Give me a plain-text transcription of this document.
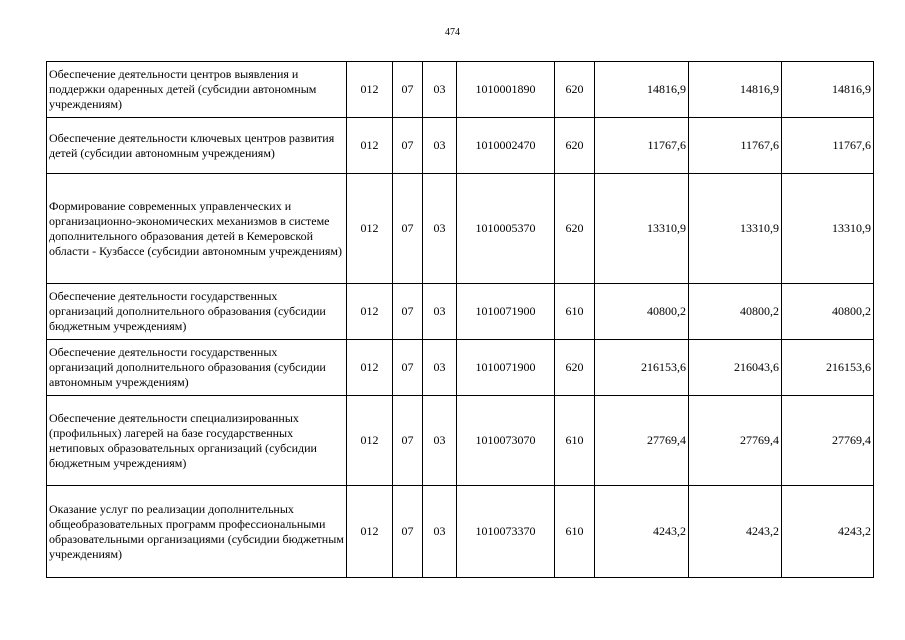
474
Обеспечение деятельности центров выявления и поддержки одаренных детей (субсидии автономным учреждениям)	012	07	03	1010001890	620	14816,9	14816,9	14816,9
Обеспечение деятельности ключевых центров развития детей (субсидии автономным учреждениям)	012	07	03	1010002470	620	11767,6	11767,6	11767,6
Формирование современных управленческих и организационно-экономических механизмов в системе дополнительного образования детей в Кемеровской области - Кузбассе (субсидии автономным учреждениям)	012	07	03	1010005370	620	13310,9	13310,9	13310,9
Обеспечение деятельности государственных организаций дополнительного образования (субсидии бюджетным учреждениям)	012	07	03	1010071900	610	40800,2	40800,2	40800,2
Обеспечение деятельности государственных организаций дополнительного образования (субсидии автономным учреждениям)	012	07	03	1010071900	620	216153,6	216043,6	216153,6
Обеспечение деятельности специализированных (профильных) лагерей на базе государственных нетиповых образовательных организаций (субсидии бюджетным учреждениям)	012	07	03	1010073070	610	27769,4	27769,4	27769,4
Оказание услуг по реализации дополнительных общеобразовательных программ профессиональными образовательными организациями (субсидии бюджетным учреждениям)	012	07	03	1010073370	610	4243,2	4243,2	4243,2
